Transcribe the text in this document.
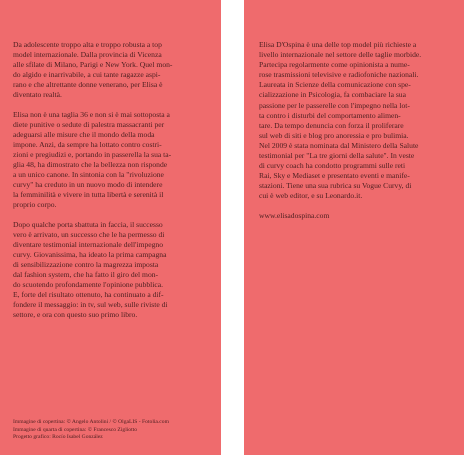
Da adolescente troppo alta e troppo robusta a top
model internazionale. Dalla provincia di Vicenza
alle sfilate di Milano, Parigi e New York. Quel mon-
do algido e inarrivabile, a cui tante ragazze aspi-
rano e che altrettante donne venerano, per Elisa è
diventato realtà.

Elisa non è una taglia 36 e non si è mai sottoposta a
diete punitive o sedute di palestra massacranti per
adeguarsi alle misure che il mondo della moda
impone. Anzi, da sempre ha lottato contro costri-
zioni e pregiudizi e, portando in passerella la sua ta-
glia 48, ha dimostrato che la bellezza non risponde
a un unico canone. In sintonia con la "rivoluzione
curvy" ha creduto in un nuovo modo di intendere
la femminilità e vivere in tutta libertà e serenità il
proprio corpo.

Dopo qualche porta sbattuta in faccia, il successo
vero è arrivato, un successo che le ha permesso di
diventare testimonial internazionale dell'impegno
curvy. Giovanissima, ha ideato la prima campagna
di sensibilizzazione contro la magrezza imposta
dal fashion system, che ha fatto il giro del mon-
do scuotendo profondamente l'opinione pubblica.
E, forte del risultato ottenuto, ha continuato a dif-
fondere il messaggio: in tv, sul web, sulle riviste di
settore, e ora con questo suo primo libro.

Immagine di copertina: © Angelo Antolini / © OlgaLIS - Fotolia.com
Immagine di quarta di copertina: © Francesco Zigliotto
Progetto grafico: Rocío Isabel González

Elisa D'Ospina è una delle top model più richieste a
livello internazionale nel settore delle taglie morbide.
Partecipa regolarmente come opinionista a nume-
rose trasmissioni televisive e radiofoniche nazionali.
Laureata in Scienze della comunicazione con spe-
cializzazione in Psicologia, fa combaciare la sua
passione per le passerelle con l'impegno nella lot-
ta contro i disturbi del comportamento alimen-
tare. Da tempo denuncia con forza il proliferare
sul web di siti e blog pro anoressia e pro bulimia.
Nel 2009 è stata nominata dal Ministero della Salute
testimonial per "La tre giorni della salute". In veste
di curvy coach ha condotto programmi sulle reti
Rai, Sky e Mediaset e presentato eventi e manife-
stazioni. Tiene una sua rubrica su Vogue Curvy, di
cui è web editor, e su Leonardo.it.

www.elisadospina.com
